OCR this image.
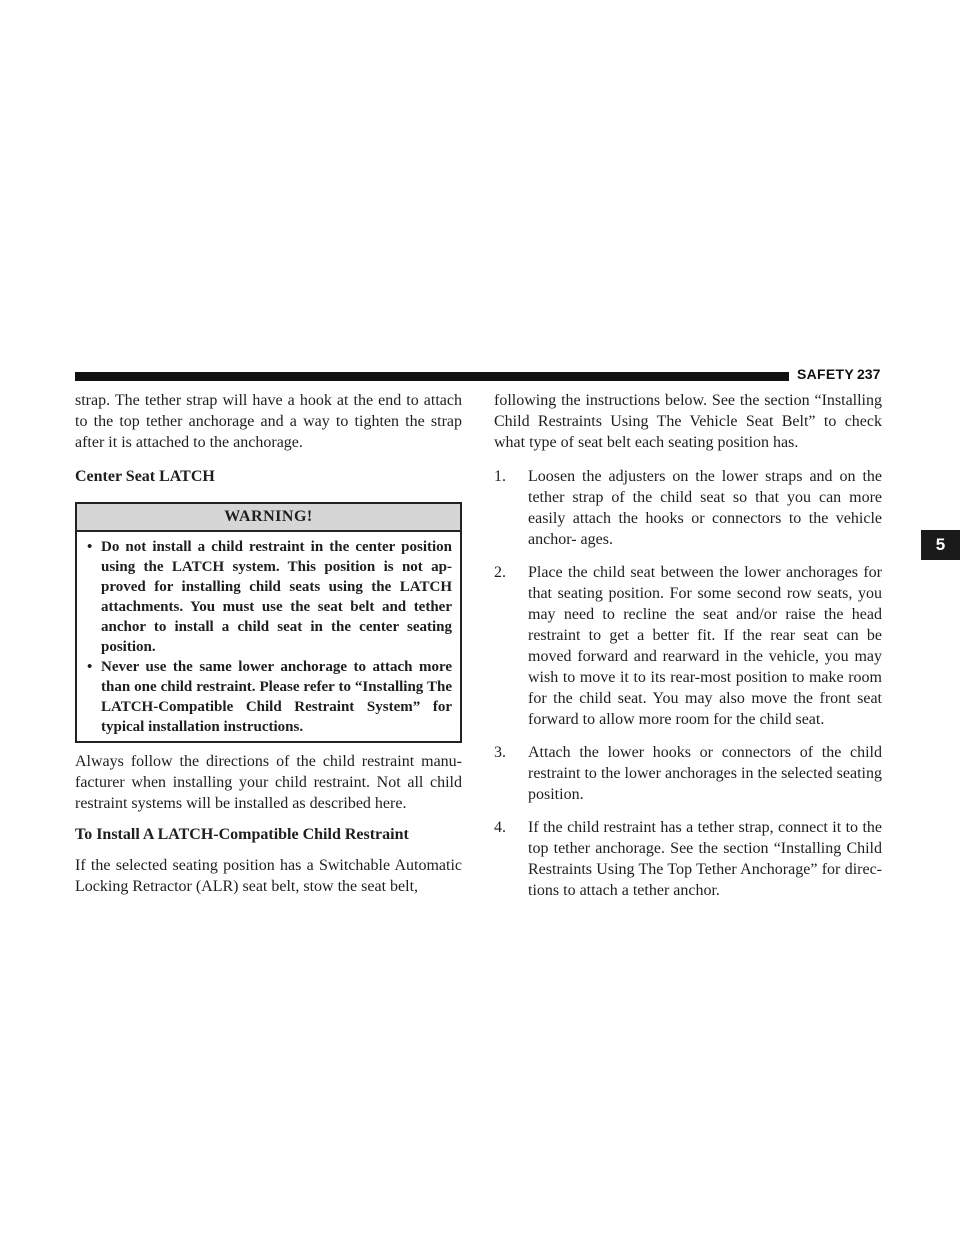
SAFETY 237
5

strap. The tether strap will have a hook at the end to attach to the top tether anchorage and a way to tighten the strap after it is attached to the anchorage.

Center Seat LATCH

WARNING!
• Do not install a child restraint in the center position using the LATCH system. This position is not ap- proved for installing child seats using the LATCH attachments. You must use the seat belt and tether anchor to install a child seat in the center seating position.
• Never use the same lower anchorage to attach more than one child restraint. Please refer to “Installing The LATCH-Compatible Child Restraint System” for typical installation instructions.

Always follow the directions of the child restraint manu- facturer when installing your child restraint. Not all child restraint systems will be installed as described here.

To Install A LATCH-Compatible Child Restraint

If the selected seating position has a Switchable Automatic Locking Retractor (ALR) seat belt, stow the seat belt,

following the instructions below. See the section “Installing Child Restraints Using The Vehicle Seat Belt” to check what type of seat belt each seating position has.

1. Loosen the adjusters on the lower straps and on the tether strap of the child seat so that you can more easily attach the hooks or connectors to the vehicle anchor- ages.
2. Place the child seat between the lower anchorages for that seating position. For some second row seats, you may need to recline the seat and/or raise the head restraint to get a better fit. If the rear seat can be moved forward and rearward in the vehicle, you may wish to move it to its rear-most position to make room for the child seat. You may also move the front seat forward to allow more room for the child seat.
3. Attach the lower hooks or connectors of the child restraint to the lower anchorages in the selected seating position.
4. If the child restraint has a tether strap, connect it to the top tether anchorage. See the section “Installing Child Restraints Using The Top Tether Anchorage” for direc- tions to attach a tether anchor.
